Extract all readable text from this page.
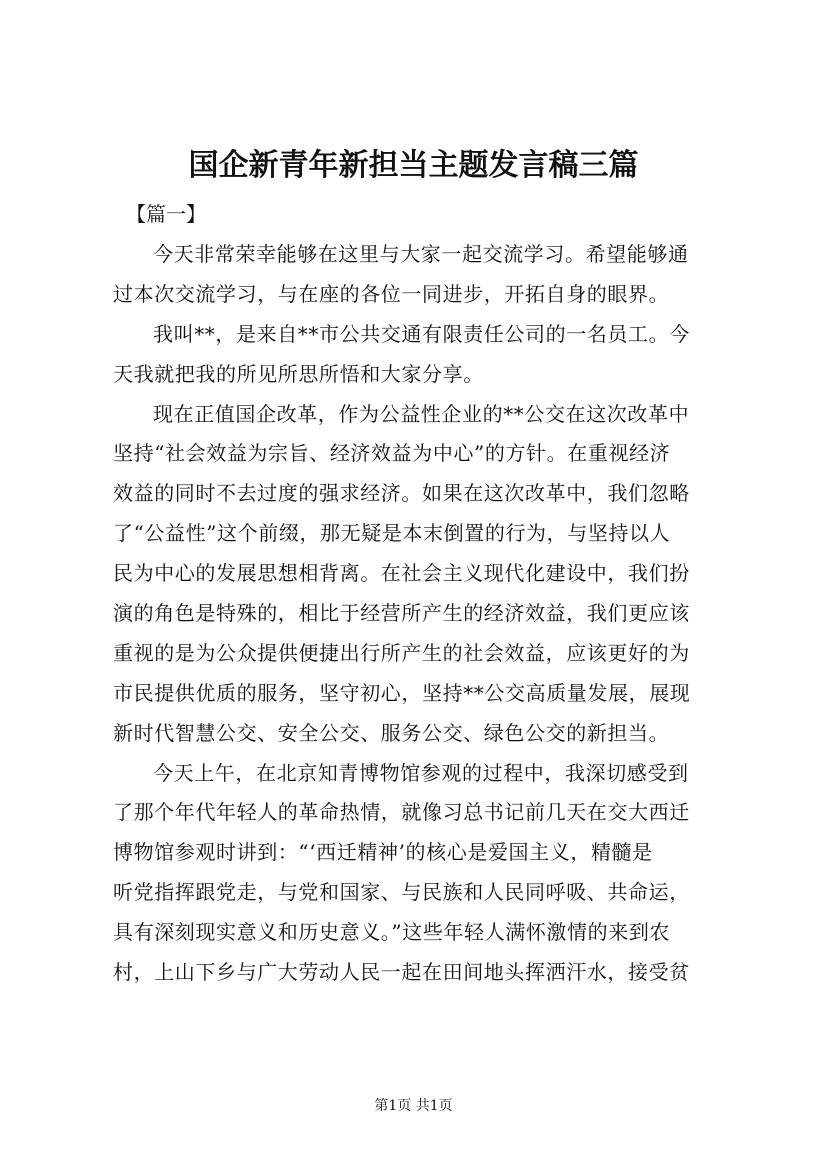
国企新青年新担当主题发言稿三篇
【篇一】
今天非常荣幸能够在这里与大家一起交流学习。希望能够通
过本次交流学习，与在座的各位一同进步，开拓自身的眼界。
我叫**，是来自**市公共交通有限责任公司的一名员工。今
天我就把我的所见所思所悟和大家分享。
现在正值国企改革，作为公益性企业的**公交在这次改革中
坚持“社会效益为宗旨、经济效益为中心”的方针。在重视经济
效益的同时不去过度的强求经济。如果在这次改革中，我们忽略
了“公益性”这个前缀，那无疑是本末倒置的行为，与坚持以人
民为中心的发展思想相背离。在社会主义现代化建设中，我们扮
演的角色是特殊的，相比于经营所产生的经济效益，我们更应该
重视的是为公众提供便捷出行所产生的社会效益，应该更好的为
市民提供优质的服务，坚守初心，坚持**公交高质量发展，展现
新时代智慧公交、安全公交、服务公交、绿色公交的新担当。
今天上午，在北京知青博物馆参观的过程中，我深切感受到
了那个年代年轻人的革命热情，就像习总书记前几天在交大西迁
博物馆参观时讲到：“‘西迁精神’的核心是爱国主义，精髓是
听党指挥跟党走，与党和国家、与民族和人民同呼吸、共命运，
具有深刻现实意义和历史意义。”这些年轻人满怀激情的来到农
村，上山下乡与广大劳动人民一起在田间地头挥洒汗水，接受贫
第1页 共1页
